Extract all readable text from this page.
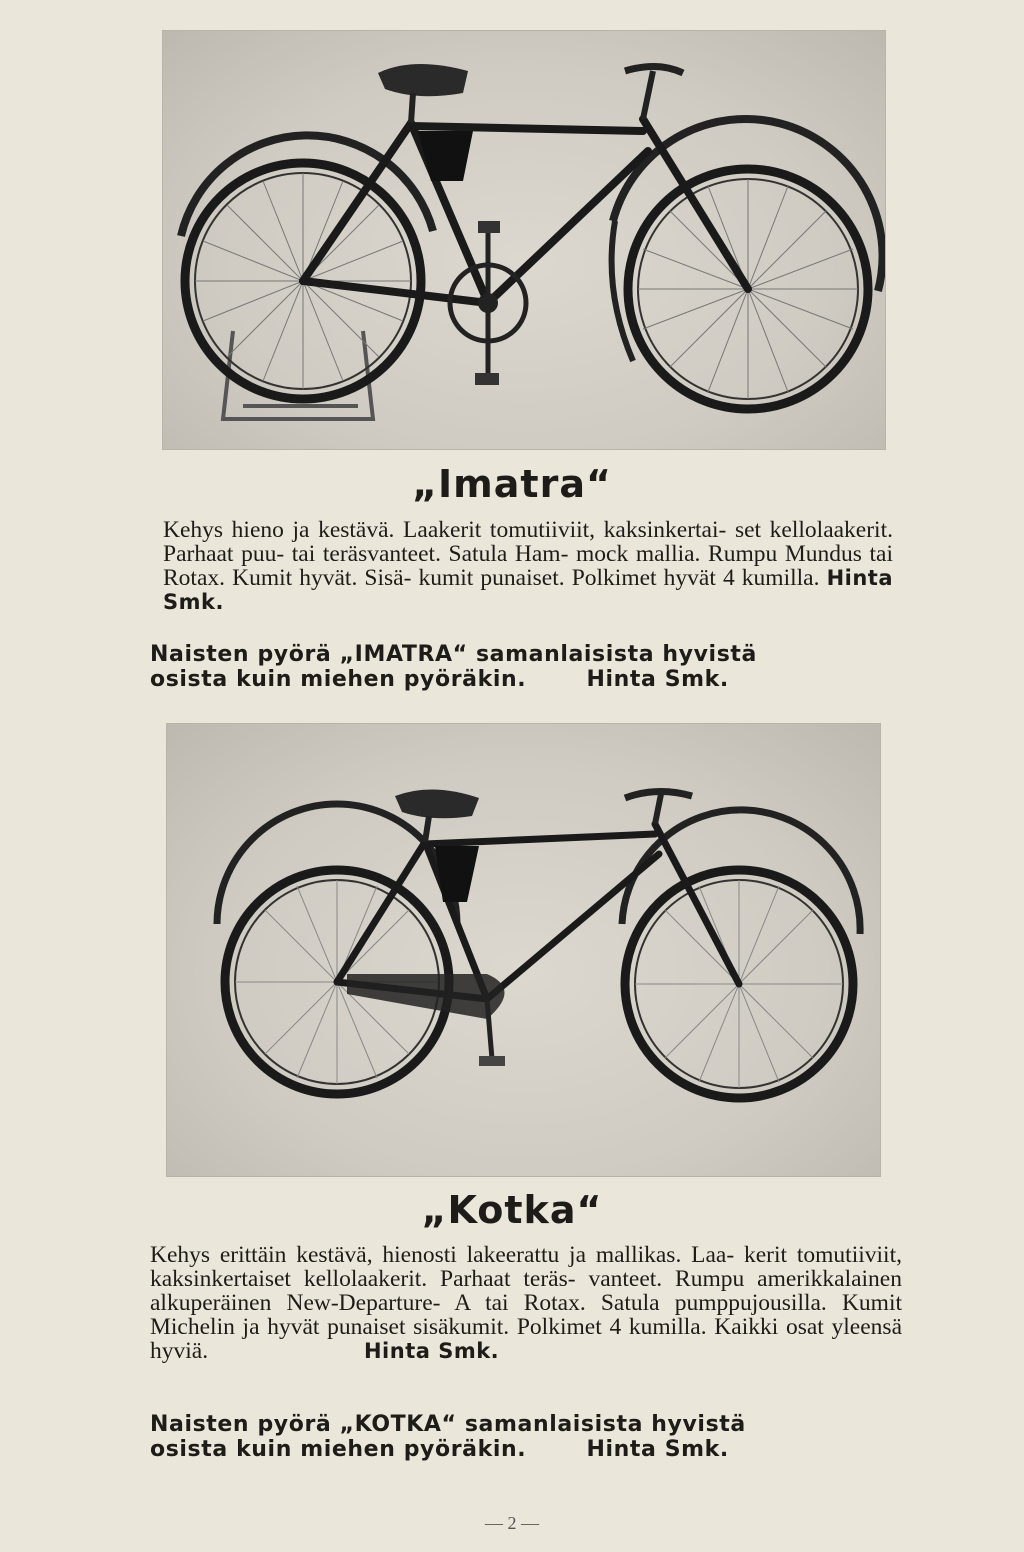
„Imatra“
Kehys hieno ja kestävä. Laakerit tomutiiviit, kaksinkertai- set kellolaakerit. Parhaat puu- tai teräsvanteet. Satula Ham- mock mallia. Rumpu Mundus tai Rotax. Kumit hyvät. Sisä- kumit punaiset. Polkimet hyvät 4 kumilla. Hinta Smk.
Naisten pyörä „IMATRA“ samanlaisista hyvistä
osista kuin miehen pyöräkin.	Hinta Smk.
„Kotka“
Kehys erittäin kestävä, hienosti lakeerattu ja mallikas. Laa- kerit tomutiiviit, kaksinkertaiset kellolaakerit. Parhaat teräs- vanteet. Rumpu amerikkalainen alkuperäinen New-Departure- A tai Rotax. Satula pumppujousilla. Kumit Michelin ja hyvät punaiset sisäkumit. Polkimet 4 kumilla. Kaikki osat yleensä hyviä.	Hinta Smk.
Naisten pyörä „KOTKA“ samanlaisista hyvistä
osista kuin miehen pyöräkin.	Hinta Smk.
— 2 —
